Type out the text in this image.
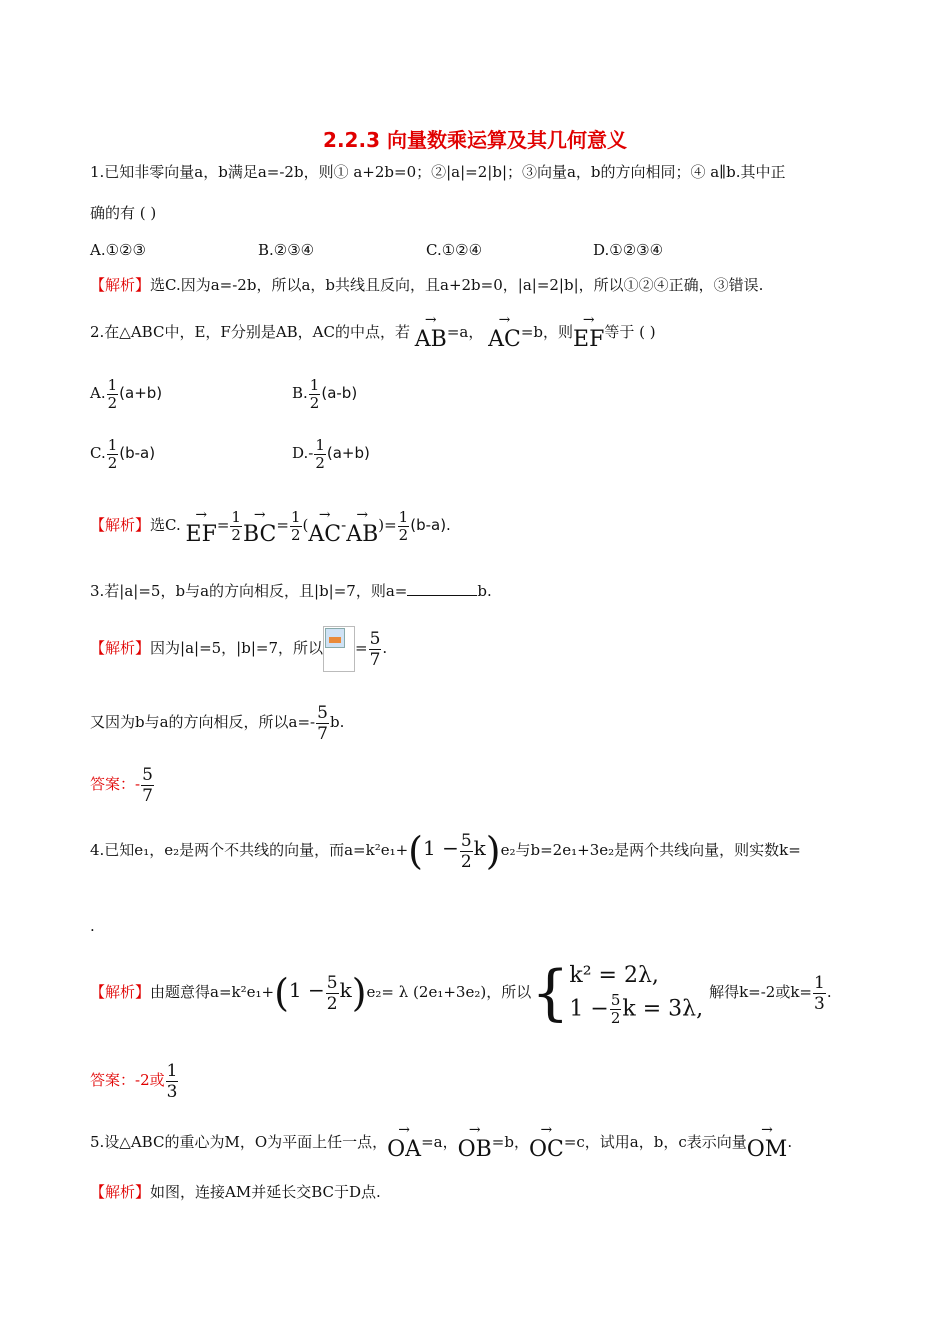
2.2.3 向量数乘运算及其几何意义
1.已知非零向量a，b满足a=-2b，则① a+2b=0；②|a|=2|b|；③向量a，b的方向相同；④ a∥b.其中正
确的有 ( )
A.①②③	B.②③④	C.①②④	D.①②③④
【解析】选C.因为a=-2b，所以a，b共线且反向，且a+2b=0，|a|=2|b|，所以①②④正确，③错误.
2.在△ABC中，E，F分别是AB，AC的中点，若
→
AB =a，
→
AC =b，则
→
EF 等于 ( )
A. $\frac{1}{2} (a+b)$	B. $\frac{1}{2} (a-b)$
C. $\frac{1}{2} (b-a)$	$D.- \frac{1}{2} (a+b)$
【解析】选C.
→
EF = $\frac{1}{2}$ →
BC = $\frac{1}{2}$ (
→
AC -
→
AB )= $\frac{1}{2} (b-a)$.
3.若|a|=5，b与a的方向相反，且|b|=7，则a=	b.
【解析】因为|a|=5，|b|=7，所以 = $\frac{5}{7}$ .
又因为b与a的方向相反，所以$a=- \frac{5}{7} b$.
答案：- $\frac{5}{7}$
4.已知e₁，e₂是两个不共线的向量，而$a=k^2e_1+(1 - \frac{5}{2} k)e_2$与b=2e₁+3e₂是两个共线向量，则实数k=
.
【解析】由题意得$a=k^2e_1+(1 - \frac{5}{2} k)e_2= \lambda$ (2e₁+3e₂)，所以{ k² = 2λ,
$1 - \frac{5}{2}$ k = 3λ,
解得k=-2或$k= \frac{1}{3}$ .
答案：-2或 $\frac{1}{3}$
5.设△ABC的重心为M，O为平面上任一点，
→
OA =a，
→
OB =b，
→
OC =c，试用a，b，c表示向量
→
OM .
【解析】如图，连接AM并延长交BC于D点.
